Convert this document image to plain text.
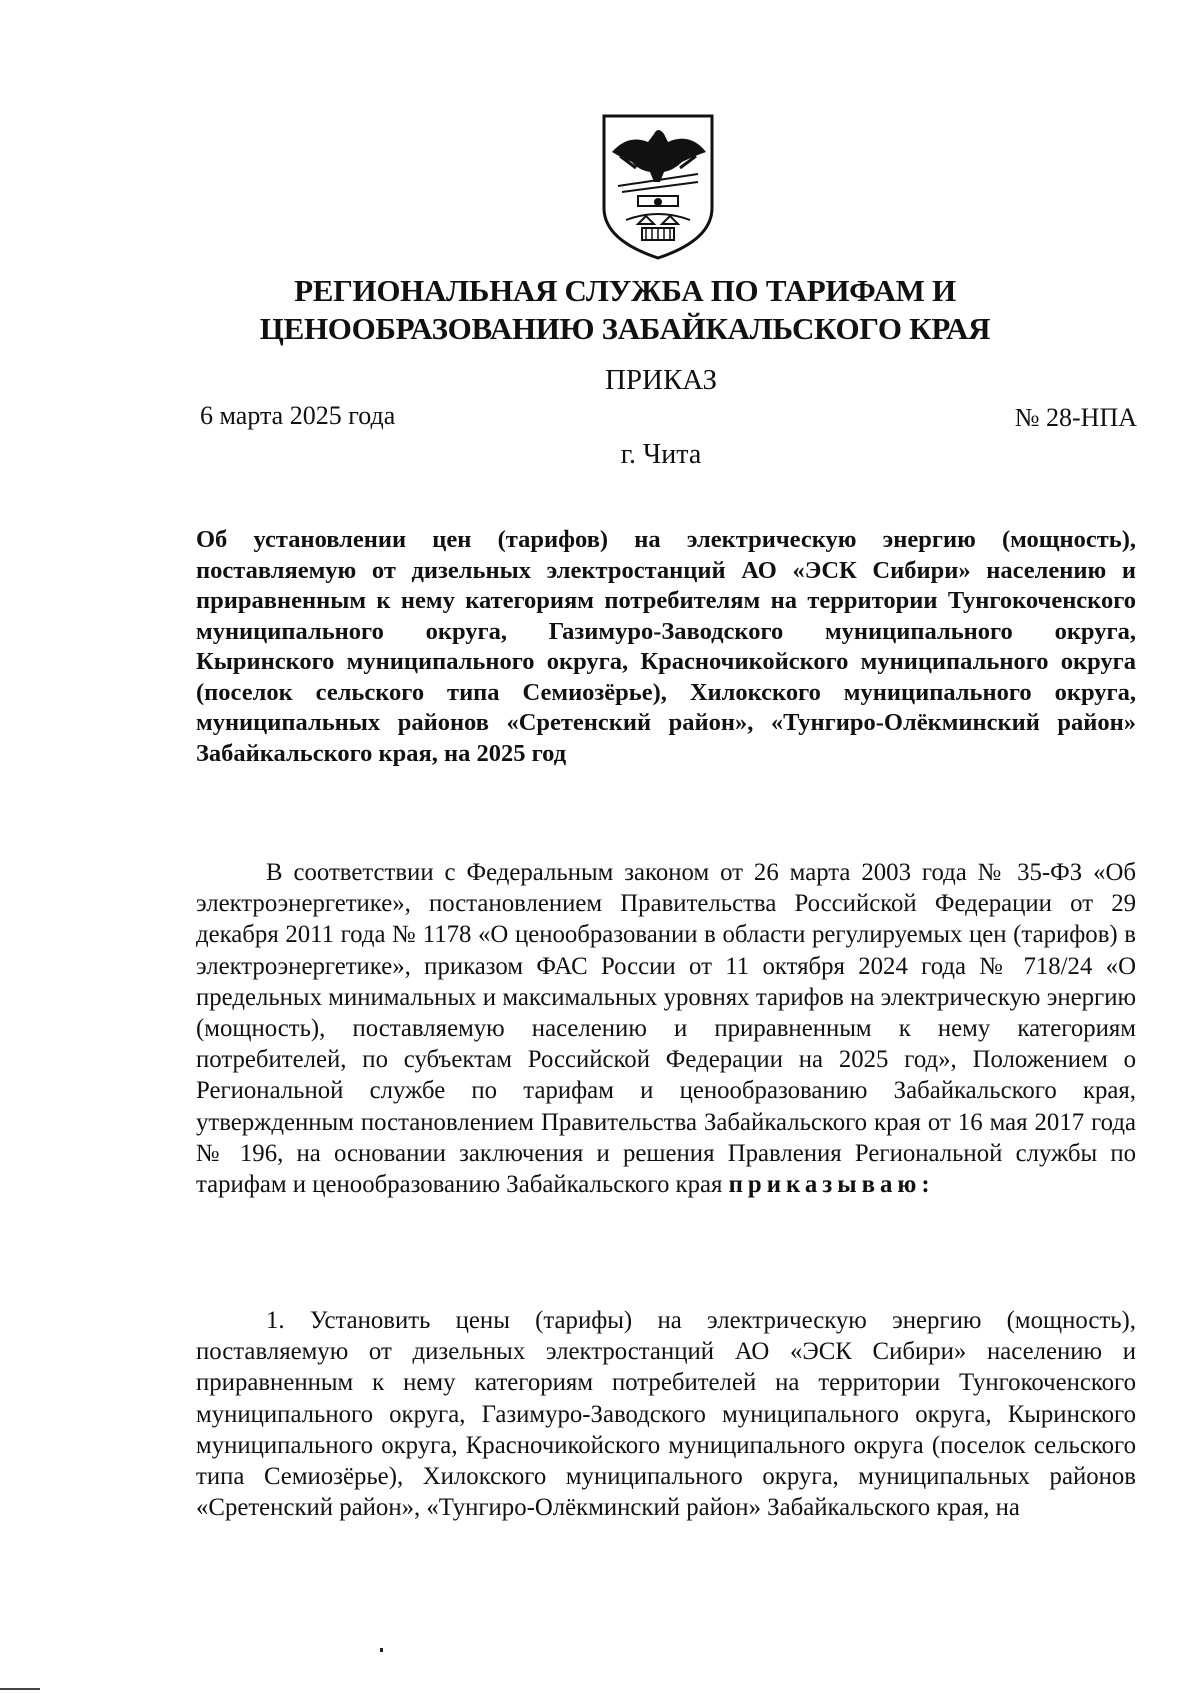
РЕГИОНАЛЬНАЯ СЛУЖБА ПО ТАРИФАМ И
ЦЕНООБРАЗОВАНИЮ ЗАБАЙКАЛЬСКОГО КРАЯ
ПРИКАЗ
6 марта 2025 года	№ 28-НПА
г. Чита
Об установлении цен (тарифов) на электрическую энергию (мощность), поставляемую от дизельных электростанций АО «ЭСК Сибири» населению и приравненным к нему категориям потребителям на территории Тунгокоченского муниципального округа, Газимуро-Заводского муниципального округа, Кыринского муниципального округа, Красночикойского муниципального округа (поселок сельского типа Семиозёрье), Хилокского муниципального округа, муниципальных районов «Сретенский район», «Тунгиро-Олёкминский район» Забайкальского края, на 2025 год
В соответствии с Федеральным законом от 26 марта 2003 года № 35-ФЗ «Об электроэнергетике», постановлением Правительства Российской Федерации от 29 декабря 2011 года № 1178 «О ценообразовании в области регулируемых цен (тарифов) в электроэнергетике», приказом ФАС России от 11 октября 2024 года № 718/24 «О предельных минимальных и максимальных уровнях тарифов на электрическую энергию (мощность), поставляемую населению и приравненным к нему категориям потребителей, по субъектам Российской Федерации на 2025 год», Положением о Региональной службе по тарифам и ценообразованию Забайкальского края, утвержденным постановлением Правительства Забайкальского края от 16 мая 2017 года № 196, на основании заключения и решения Правления Региональной службы по тарифам и ценообразованию Забайкальского края приказываю:
1. Установить цены (тарифы) на электрическую энергию (мощность), поставляемую от дизельных электростанций АО «ЭСК Сибири» населению и приравненным к нему категориям потребителей на территории Тунгокоченского муниципального округа, Газимуро-Заводского муниципального округа, Кыринского муниципального округа, Красночикойского муниципального округа (поселок сельского типа Семиозёрье), Хилокского муниципального округа, муниципальных районов «Сретенский район», «Тунгиро-Олёкминский район» Забайкальского края, на
